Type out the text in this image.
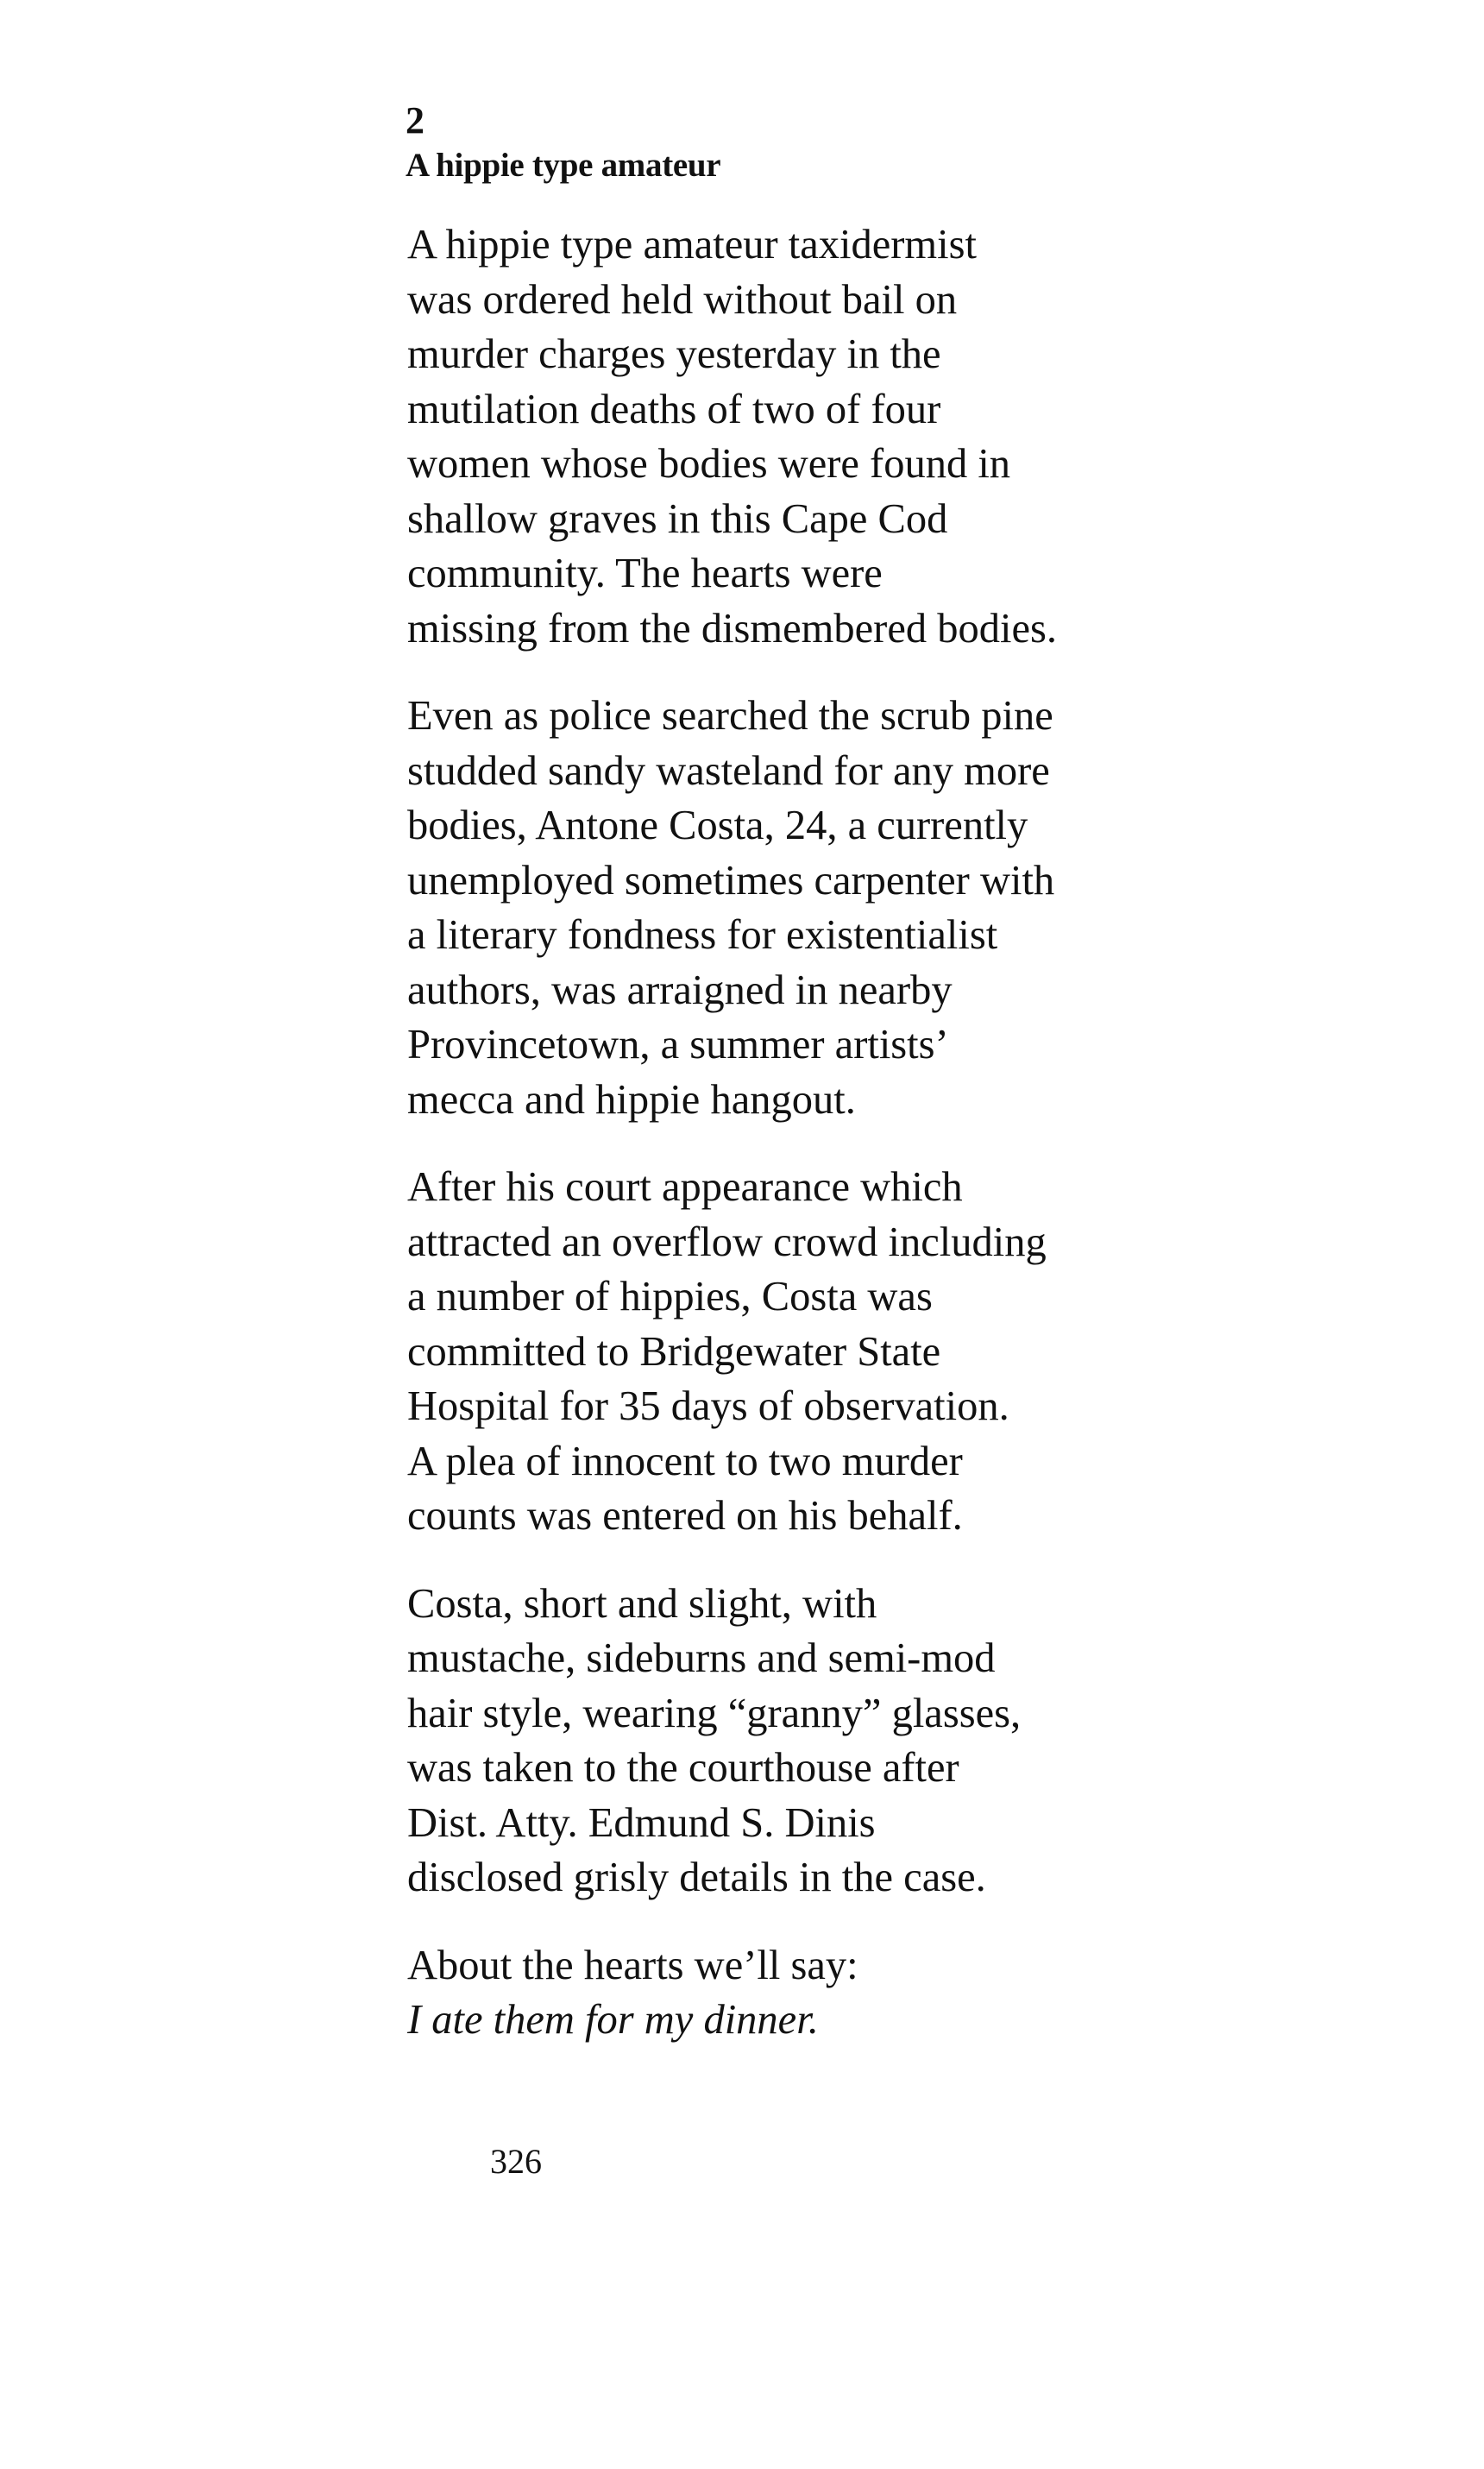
2
A hippie type amateur

A hippie type amateur taxidermist
was ordered held without bail on
murder charges yesterday in the
mutilation deaths of two of four
women whose bodies were found in
shallow graves in this Cape Cod
community. The hearts were
missing from the dismembered bodies.

Even as police searched the scrub pine
studded sandy wasteland for any more
bodies, Antone Costa, 24, a currently
unemployed sometimes carpenter with
a literary fondness for existentialist
authors, was arraigned in nearby
Provincetown, a summer artists’
mecca and hippie hangout.

After his court appearance which
attracted an overflow crowd including
a number of hippies, Costa was
committed to Bridgewater State
Hospital for 35 days of observation.
A plea of innocent to two murder
counts was entered on his behalf.

Costa, short and slight, with
mustache, sideburns and semi-mod
hair style, wearing “granny” glasses,
was taken to the courthouse after
Dist. Atty. Edmund S. Dinis
disclosed grisly details in the case.

About the hearts we’ll say:
I ate them for my dinner.

326
